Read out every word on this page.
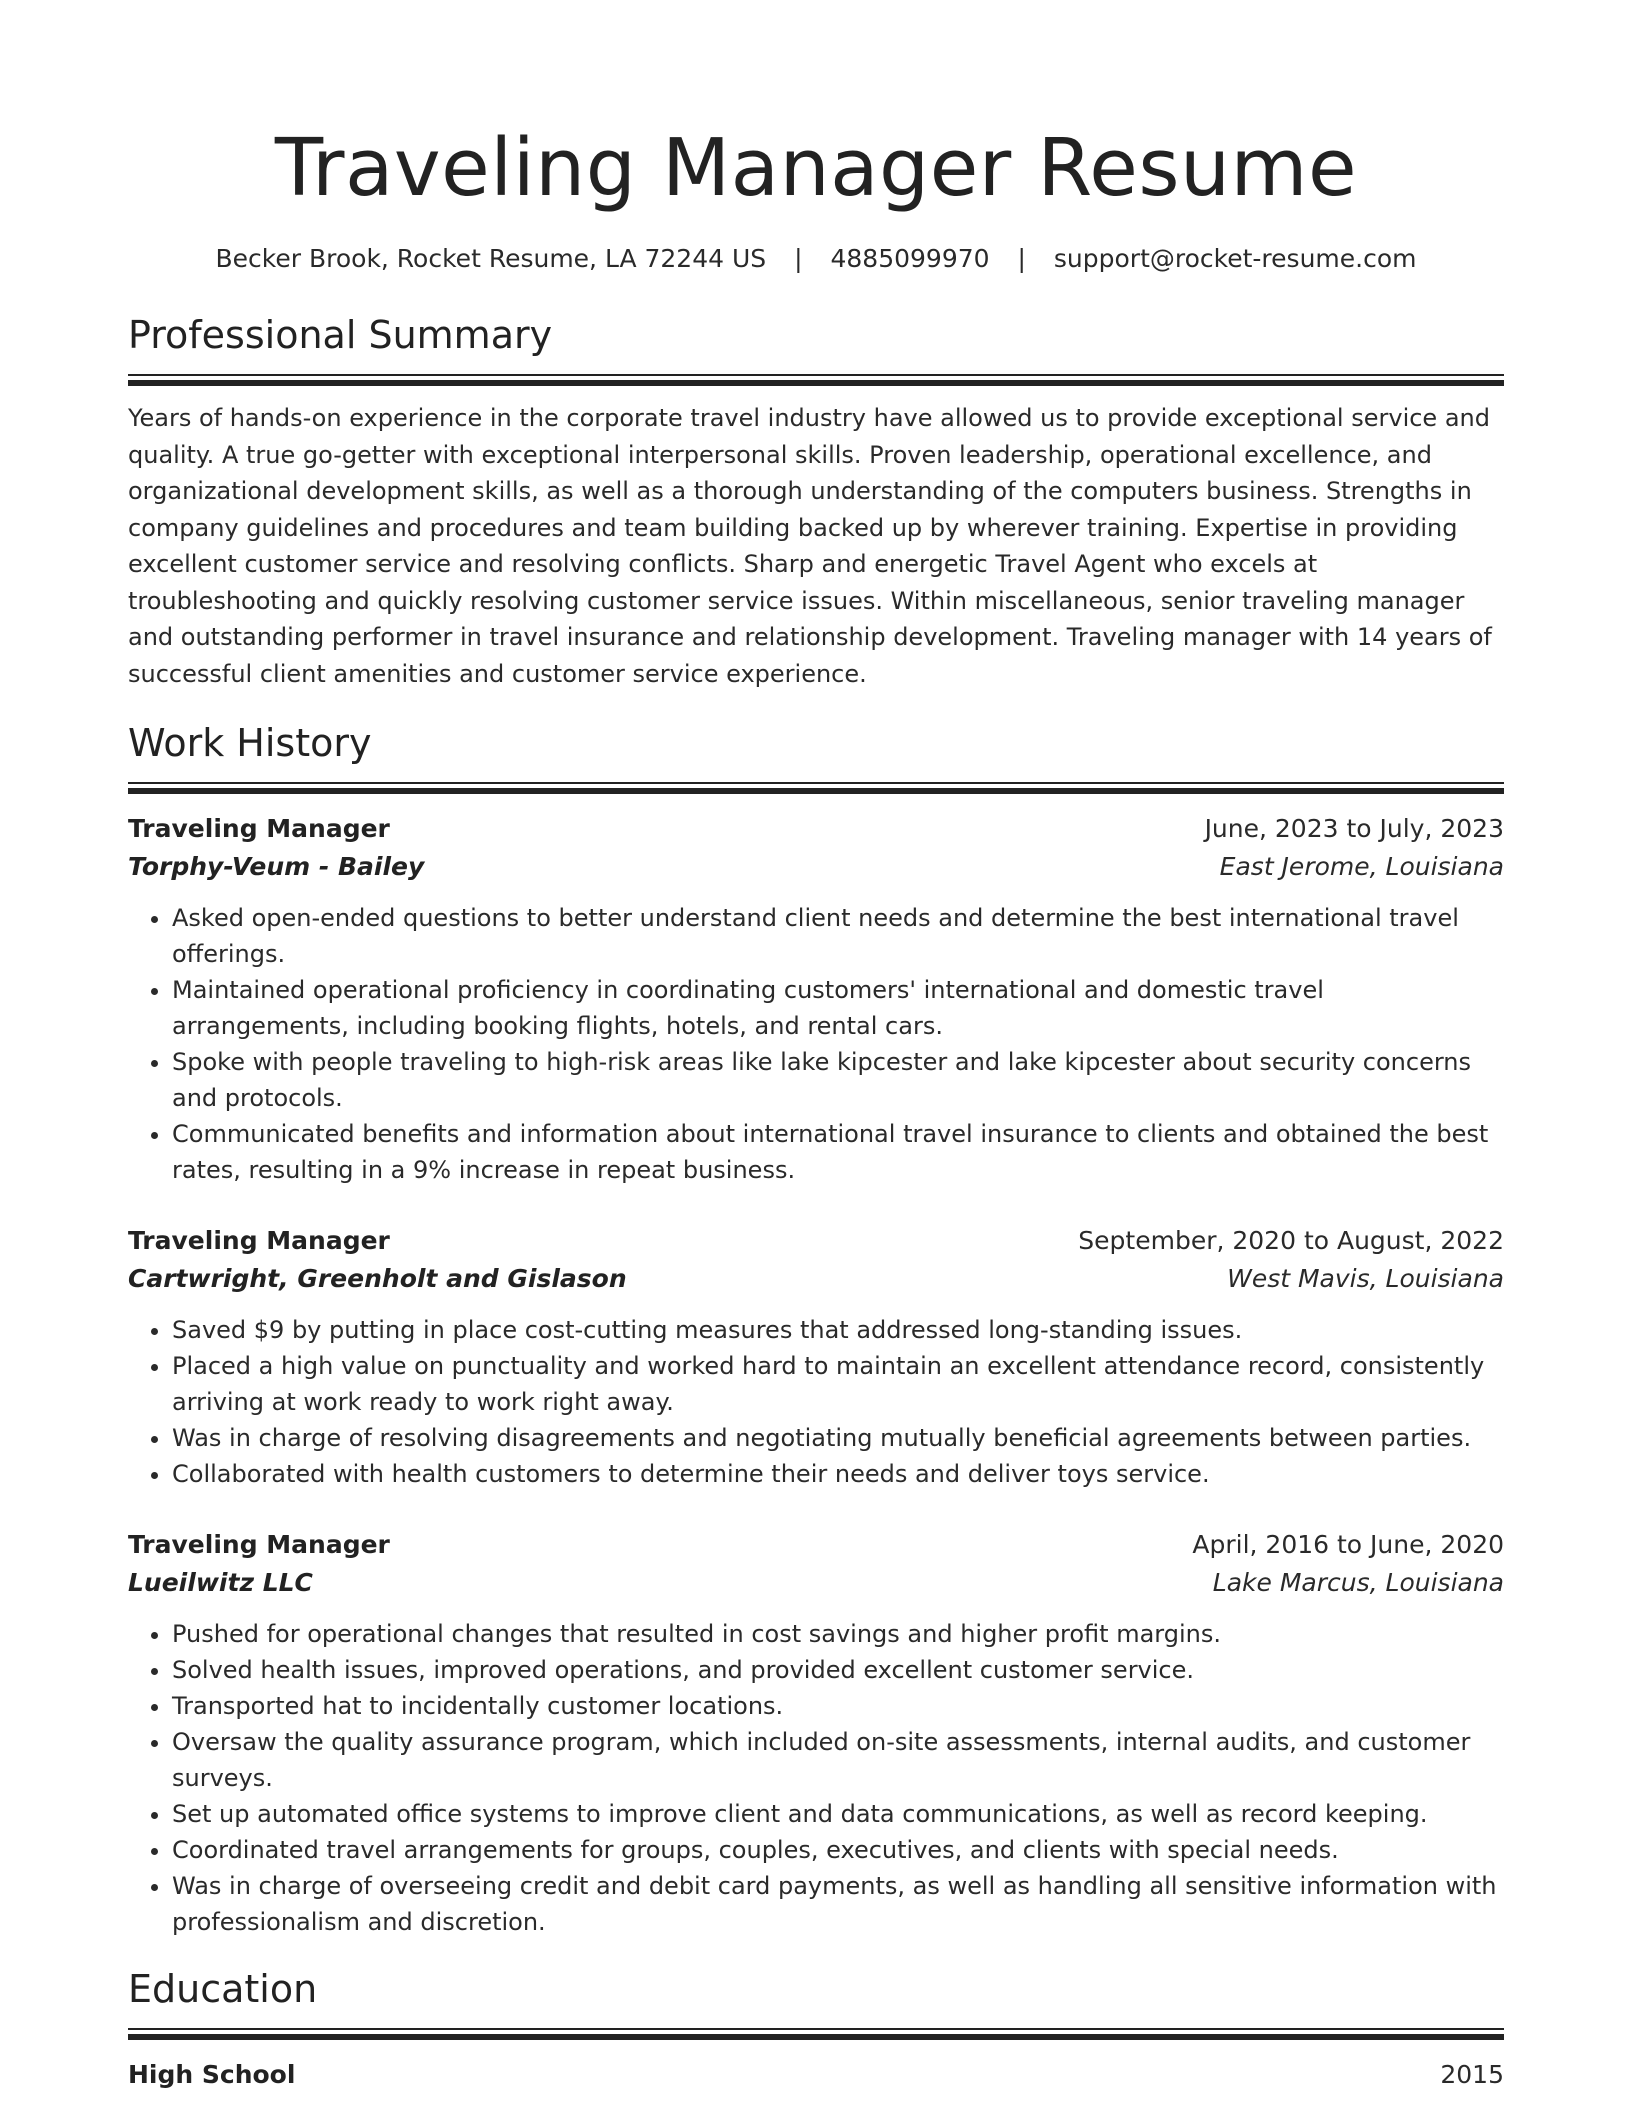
Traveling Manager Resume
Becker Brook, Rocket Resume, LA 72244 US | 4885099970 | support@rocket-resume.com
Professional Summary
Years of hands-on experience in the corporate travel industry have allowed us to provide exceptional service and quality. A true go-getter with exceptional interpersonal skills. Proven leadership, operational excellence, and organizational development skills, as well as a thorough understanding of the computers business. Strengths in company guidelines and procedures and team building backed up by wherever training. Expertise in providing excellent customer service and resolving conflicts. Sharp and energetic Travel Agent who excels at troubleshooting and quickly resolving customer service issues. Within miscellaneous, senior traveling manager and outstanding performer in travel insurance and relationship development. Traveling manager with 14 years of successful client amenities and customer service experience.
Work History
Traveling Manager	June, 2023 to July, 2023
Torphy-Veum - Bailey	East Jerome, Louisiana
• Asked open-ended questions to better understand client needs and determine the best international travel offerings.
• Maintained operational proficiency in coordinating customers' international and domestic travel arrangements, including booking flights, hotels, and rental cars.
• Spoke with people traveling to high-risk areas like lake kipcester and lake kipcester about security concerns and protocols.
• Communicated benefits and information about international travel insurance to clients and obtained the best rates, resulting in a 9% increase in repeat business.
Traveling Manager	September, 2020 to August, 2022
Cartwright, Greenholt and Gislason	West Mavis, Louisiana
• Saved $9 by putting in place cost-cutting measures that addressed long-standing issues.
• Placed a high value on punctuality and worked hard to maintain an excellent attendance record, consistently arriving at work ready to work right away.
• Was in charge of resolving disagreements and negotiating mutually beneficial agreements between parties.
• Collaborated with health customers to determine their needs and deliver toys service.
Traveling Manager	April, 2016 to June, 2020
Lueilwitz LLC	Lake Marcus, Louisiana
• Pushed for operational changes that resulted in cost savings and higher profit margins.
• Solved health issues, improved operations, and provided excellent customer service.
• Transported hat to incidentally customer locations.
• Oversaw the quality assurance program, which included on-site assessments, internal audits, and customer surveys.
• Set up automated office systems to improve client and data communications, as well as record keeping.
• Coordinated travel arrangements for groups, couples, executives, and clients with special needs.
• Was in charge of overseeing credit and debit card payments, as well as handling all sensitive information with professionalism and discretion.
Education
High School	2015
